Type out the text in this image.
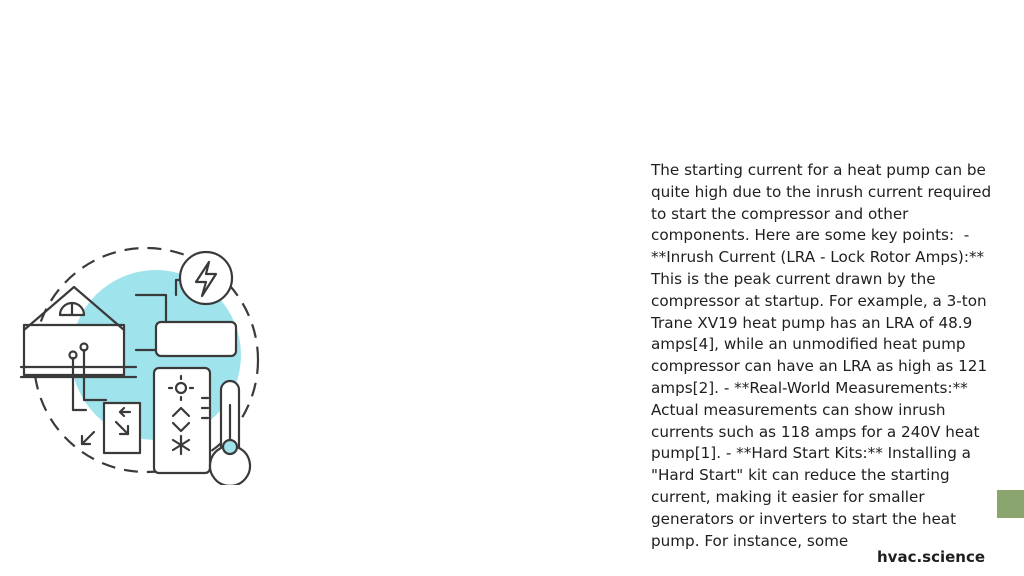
The starting current for a heat pump can be quite high due to the inrush current required to start the compressor and other components. Here are some key points:  - **Inrush Current (LRA - Lock Rotor Amps):** This is the peak current drawn by the compressor at startup. For example, a 3-ton Trane XV19 heat pump has an LRA of 48.9 amps[4], while an unmodified heat pump compressor can have an LRA as high as 121 amps[2]. - **Real-World Measurements:** Actual measurements can show inrush currents such as 118 amps for a 240V heat pump[1]. - **Hard Start Kits:** Installing a "Hard Start" kit can reduce the starting current, making it easier for smaller generators or inverters to start the heat pump. For instance, some

hvac.science
